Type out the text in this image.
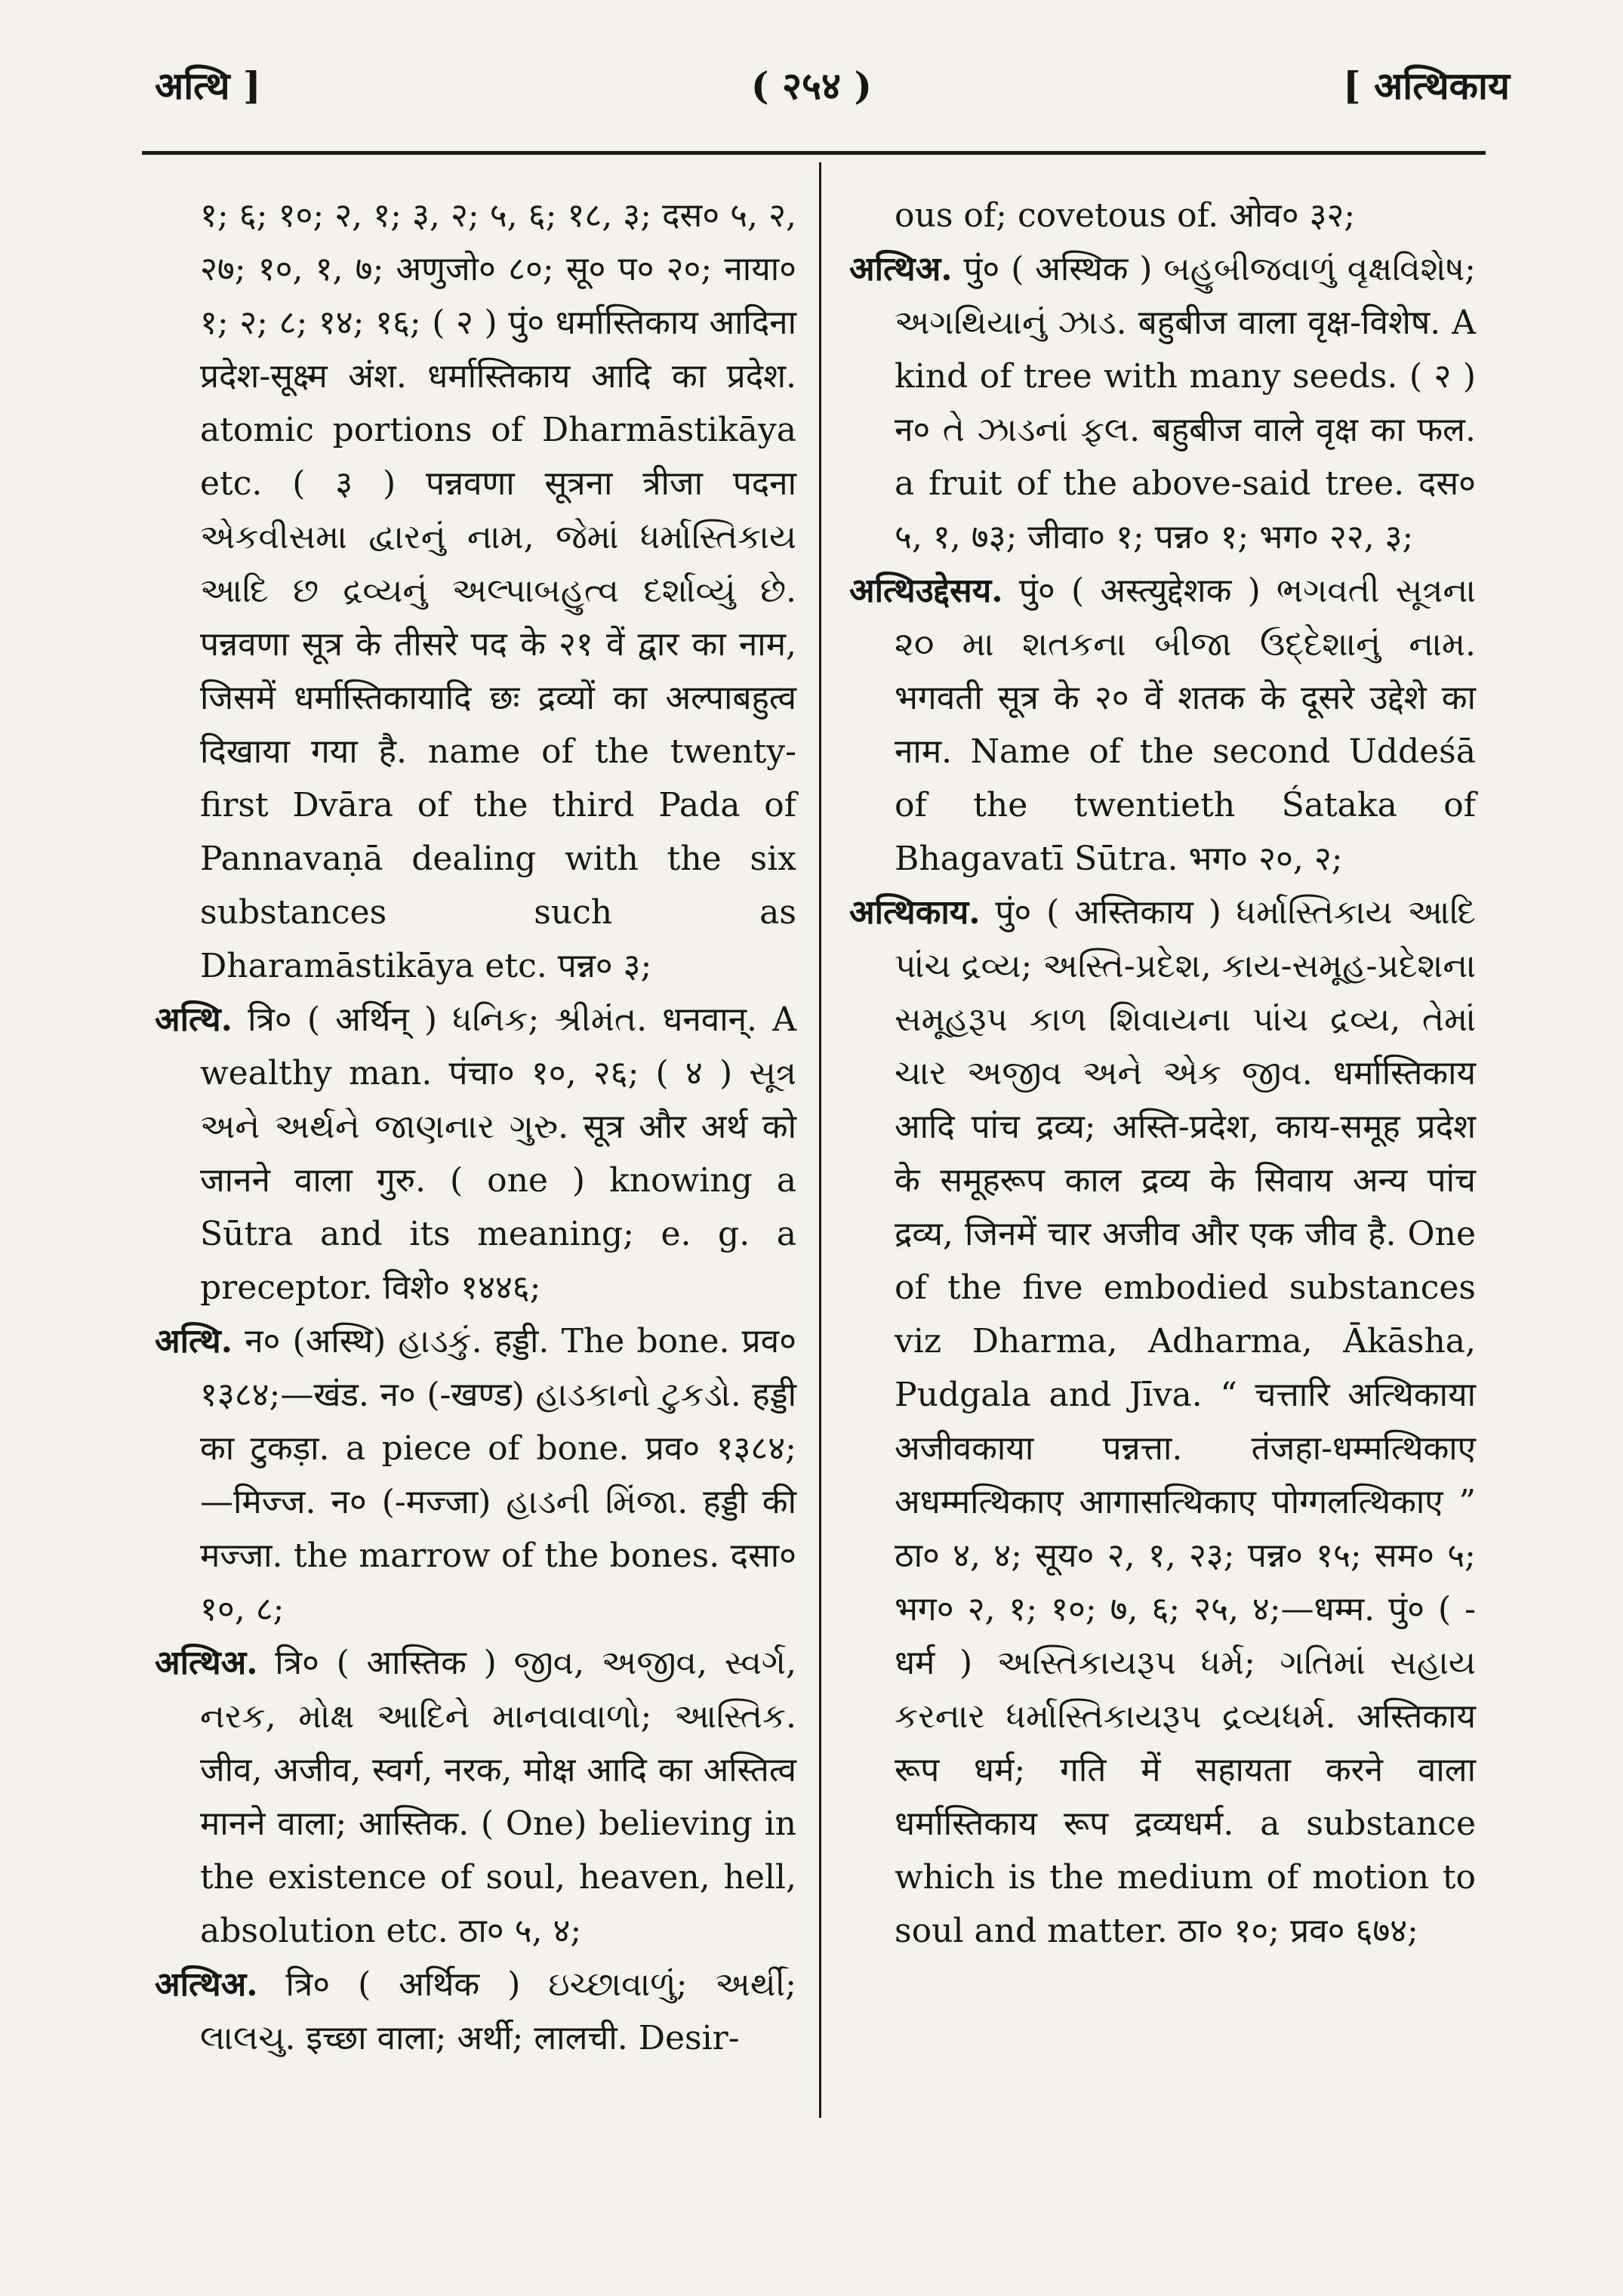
अत्थि ]	( २५४ )	[ अत्थिकाय

१; ६; १०; २, १; ३, २; ५, ६; १८, ३; दस० ५, २, २७; १०, १, ७; अणुजो० ८०; सू० प० २०; नाया० १; २; ८; १४; १६; ( २ ) पुं० धर्मास्तिकाय आदिना प्रदेश-सूक्ष्म अंश. धर्मास्तिकाय आदि का प्रदेश. atomic portions of Dharmāstikāya etc. ( ३ ) पन्नवणा सूत्रना त्रीजा पदना એકવીસમા દ્વારનું નામ, જેમાં ધર્માસ્તિકાય આદિ છ દ્રવ્યનું અલ્પાબહુત્વ દર્શાવ્યું છે. पन्नवणा सूत्र के तीसरे पद के २१ वें द्वार का नाम, जिसमें धर्मास्तिकायादि छः द्रव्यों का अल्पाबहुत्व दिखाया गया है. name of the twenty-first Dvāra of the third Pada of Pannavaṇā dealing with the six substances such as Dharamāstikāya etc. पन्न० ३;

अत्थि. त्रि० ( अर्थिन् ) ધનિક; શ્રીમંત. धनवान्. A wealthy man. पंचा० १०, २६; ( ४ ) સૂત્ર અને અર્થને જાણનાર ગુરુ. सूत्र और अर्थ को जानने वाला गुरु. ( one ) knowing a Sūtra and its meaning; e. g. a preceptor. विशे० १४४६;

अत्थि. न० (अस्थि) હાડકું. हड्डी. The bone. प्रव० १३८४;—खंड. न० (-खण्ड) હાડકાનો ટુકડો. हड्डी का टुकड़ा. a piece of bone. प्रव० १३८४; —मिज्ज. न० (-मज्जा) હાડની મિંજા. हड्डी की मज्जा. the marrow of the bones. दसा० १०, ८;

अत्थिअ. त्रि० ( आस्तिक ) જીવ, અજીવ, સ્વર્ગ, નરક, મોક્ષ આદિને માનવાવાળો; આસ્તિક. जीव, अजीव, स्वर्ग, नरक, मोक्ष आदि का अस्तित्व मानने वाला; आस्तिक. ( One) believing in the existence of soul, heaven, hell, absolution etc. ठा० ५, ४;

अत्थिअ. त्रि० ( अर्थिक ) ઇચ્છાવાળું; અર્થી; લાલચુ. इच्छा वाला; अर्थी; लालची. Desir-

ous of; covetous of. ओव० ३२;

अत्थिअ. पुं० ( अस्थिक ) બહુબીજવાળું વૃક્ષવિશેષ; અગથિયાનું ઝાડ. बहुबीज वाला वृक्ष-विशेष. A kind of tree with many seeds. ( २ ) न० તે ઝાડનાં ફલ. बहुबीज वाले वृक्ष का फल. a fruit of the above-said tree. दस० ५, १, ७३; जीवा० १; पन्न० १; भग० २२, ३;

अत्थिउद्देसय. पुं० ( अस्त्युद्देशक ) ભગવતી સૂત્રના ૨૦ મા શતકના બીજા ઉદ્દેશાનું નામ. भगवती सूत्र के २० वें शतक के दूसरे उद्देशे का नाम. Name of the second Uddeśā of the twentieth Śataka of Bhagavatī Sūtra. भग० २०, २;

अत्थिकाय. पुं० ( अस्तिकाय ) ધર્માસ્તિકાય આદિ પાંચ દ્રવ્ય; અસ્તિ-પ્રદેશ, કાય-સમૂહ-પ્રદેશના સમૂહરૂપ કાળ શિવાયના પાંચ દ્રવ્ય, તેમાં ચાર અજીવ અને એક જીવ. धर्मास्तिकाय आदि पांच द्रव्य; अस्ति-प्रदेश, काय-समूह प्रदेश के समूहरूप काल द्रव्य के सिवाय अन्य पांच द्रव्य, जिनमें चार अजीव और एक जीव है. One of the five embodied substances viz Dharma, Adharma, Ākāsha, Pudgala and Jīva. “ चत्तारि अत्थिकाया अजीवकाया पन्नत्ता. तंजहा-धम्मत्थिकाए अधम्मत्थिकाए आगासत्थिकाए पोग्गलत्थिकाए ” ठा० ४, ४; सूय० २, १, २३; पन्न० १५; सम० ५; भग० २, १; १०; ७, ६; २५, ४;—धम्म. पुं० ( -धर्म ) અસ્તિકાયરૂપ ધર્મ; ગતિમાં સહાય કરનાર ધર્માસ્તિકાયરૂપ દ્રવ્યધર્મ. अस्तिकाय रूप धर्म; गति में सहायता करने वाला धर्मास्तिकाय रूप द्रव्यधर्म. a substance which is the medium of motion to soul and matter. ठा० १०; प्रव० ६७४;
